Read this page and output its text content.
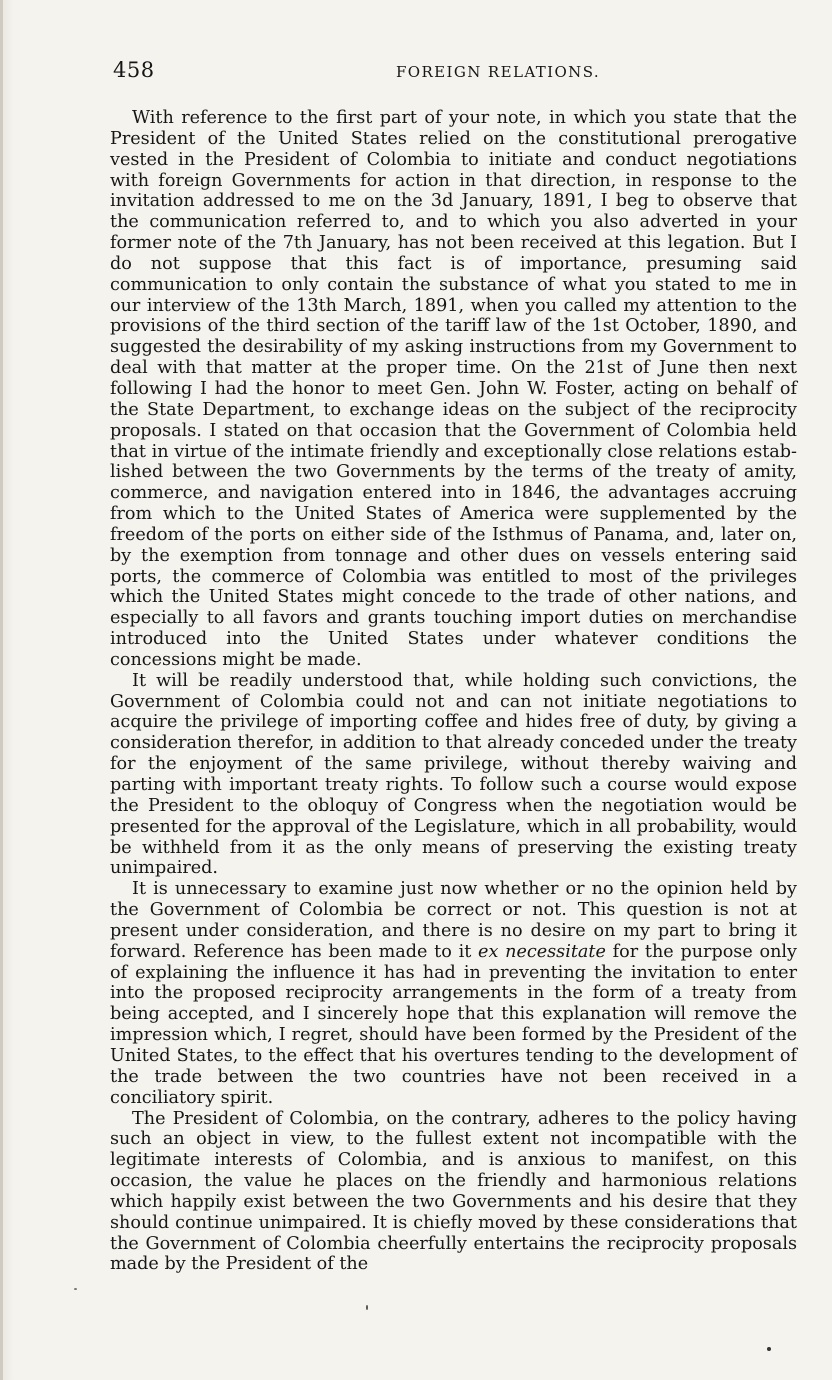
458	FOREIGN RELATIONS.

With reference to the first part of your note, in which you state that the President of the United States relied on the constitutional prerogative vested in the President of Colombia to initiate and conduct negotiations with foreign Governments for action in that direction, in response to the invitation addressed to me on the 3d January, 1891, I beg to observe that the communication referred to, and to which you also adverted in your former note of the 7th January, has not been received at this legation. But I do not suppose that this fact is of importance, presuming said communication to only contain the substance of what you stated to me in our interview of the 13th March, 1891, when you called my attention to the provisions of the third section of the tariff law of the 1st October, 1890, and suggested the desirability of my asking instructions from my Government to deal with that matter at the proper time. On the 21st of June then next following I had the honor to meet Gen. John W. Foster, acting on behalf of the State Department, to exchange ideas on the subject of the reciprocity proposals. I stated on that occasion that the Government of Colombia held that in virtue of the intimate friendly and exceptionally close relations established between the two Governments by the terms of the treaty of amity, commerce, and navigation entered into in 1846, the advantages accruing from which to the United States of America were supplemented by the freedom of the ports on either side of the Isthmus of Panama, and, later on, by the exemption from tonnage and other dues on vessels entering said ports, the commerce of Colombia was entitled to most of the privileges which the United States might concede to the trade of other nations, and especially to all favors and grants touching import duties on merchandise introduced into the United States under whatever conditions the concessions might be made.

It will be readily understood that, while holding such convictions, the Government of Colombia could not and can not initiate negotiations to acquire the privilege of importing coffee and hides free of duty, by giving a consideration therefor, in addition to that already conceded under the treaty for the enjoyment of the same privilege, without thereby waiving and parting with important treaty rights. To follow such a course would expose the President to the obloquy of Congress when the negotiation would be presented for the approval of the Legislature, which in all probability, would be withheld from it as the only means of preserving the existing treaty unimpaired.

It is unnecessary to examine just now whether or no the opinion held by the Government of Colombia be correct or not. This question is not at present under consideration, and there is no desire on my part to bring it forward. Reference has been made to it ex necessitate for the purpose only of explaining the influence it has had in preventing the invitation to enter into the proposed reciprocity arrangements in the form of a treaty from being accepted, and I sincerely hope that this explanation will remove the impression which, I regret, should have been formed by the President of the United States, to the effect that his overtures tending to the development of the trade between the two countries have not been received in a conciliatory spirit.

The President of Colombia, on the contrary, adheres to the policy having such an object in view, to the fullest extent not incompatible with the legitimate interests of Colombia, and is anxious to manifest, on this occasion, the value he places on the friendly and harmonious relations which happily exist between the two Governments and his desire that they should continue unimpaired. It is chiefly moved by these considerations that the Government of Colombia cheerfully entertains the reciprocity proposals made by the President of the
